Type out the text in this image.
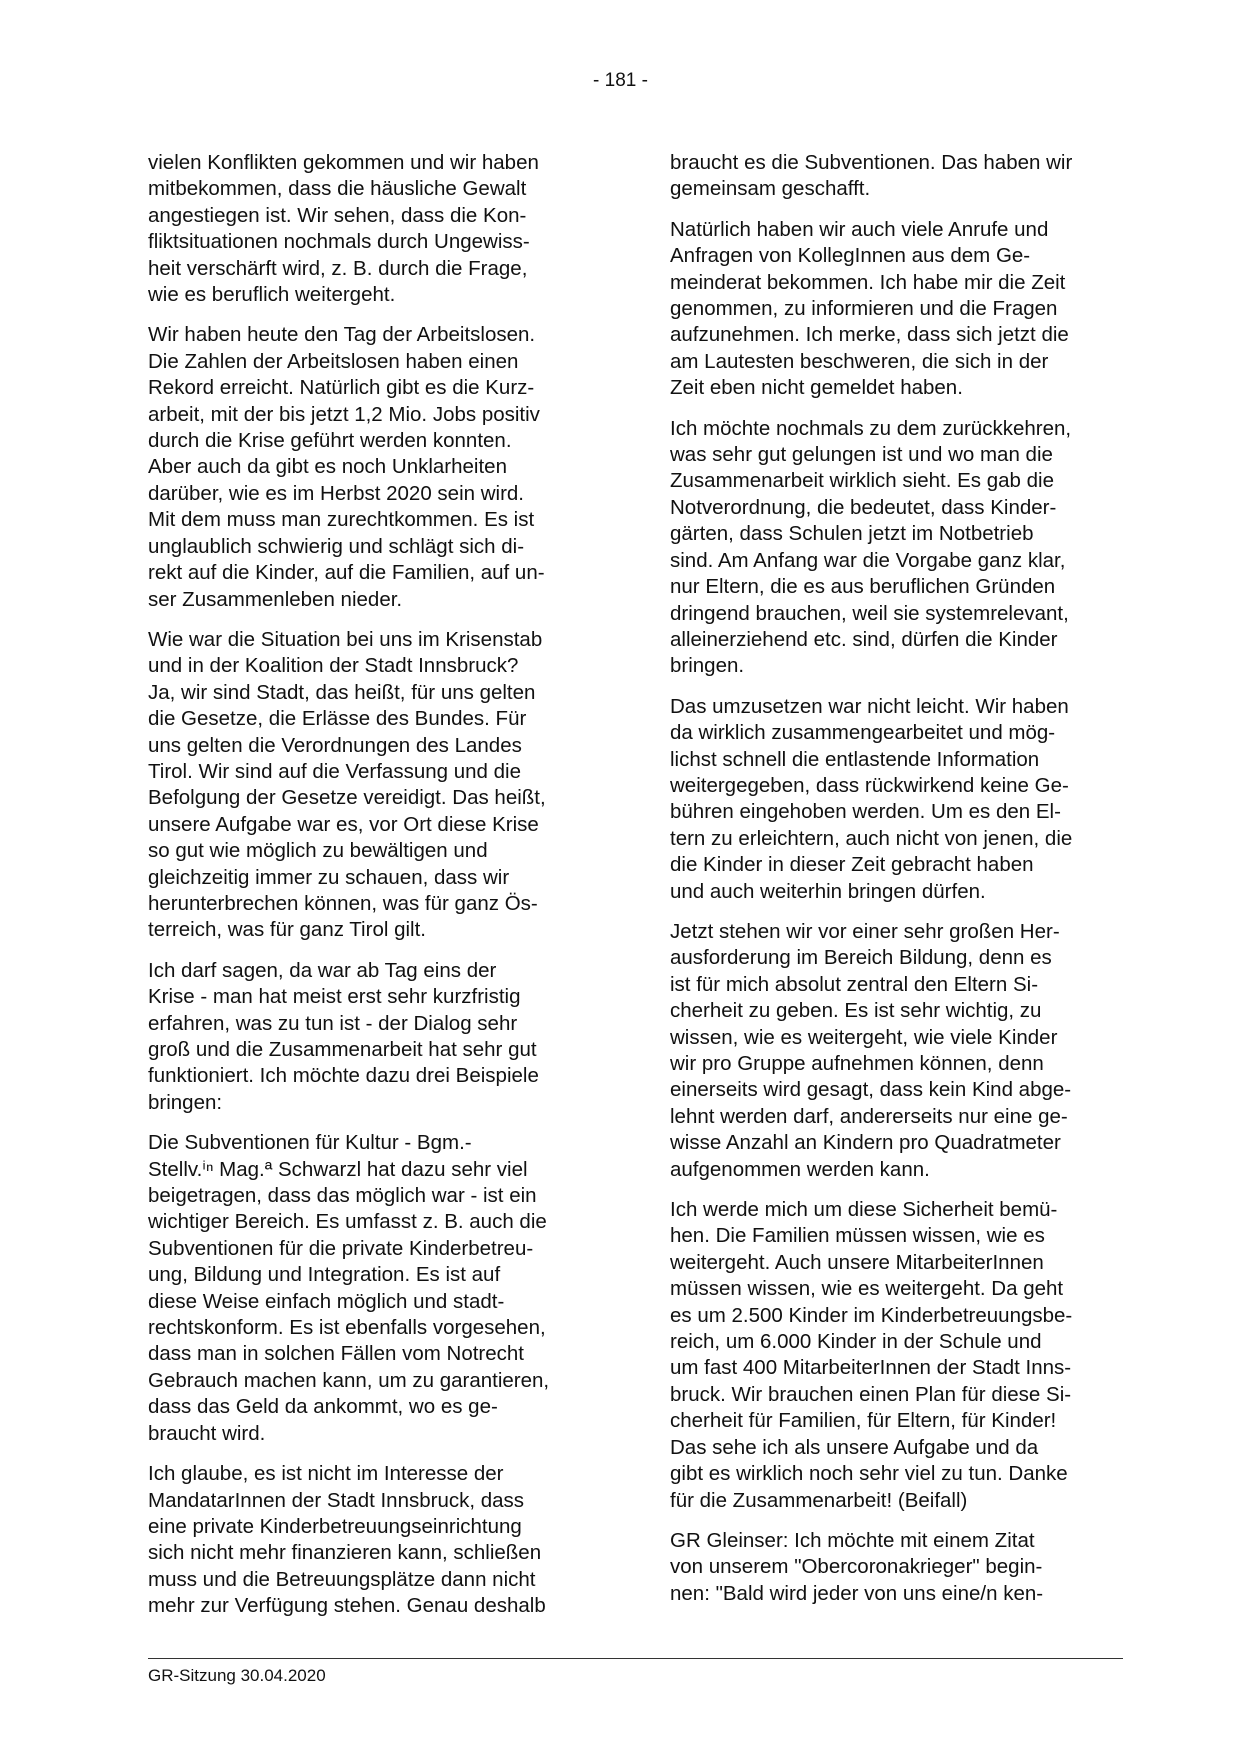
- 181 -

vielen Konflikten gekommen und wir haben
mitbekommen, dass die häusliche Gewalt
angestiegen ist. Wir sehen, dass die Kon-
fliktsituationen nochmals durch Ungewiss-
heit verschärft wird, z. B. durch die Frage,
wie es beruflich weitergeht.

Wir haben heute den Tag der Arbeitslosen.
Die Zahlen der Arbeitslosen haben einen
Rekord erreicht. Natürlich gibt es die Kurz-
arbeit, mit der bis jetzt 1,2 Mio. Jobs positiv
durch die Krise geführt werden konnten.
Aber auch da gibt es noch Unklarheiten
darüber, wie es im Herbst 2020 sein wird.
Mit dem muss man zurechtkommen. Es ist
unglaublich schwierig und schlägt sich di-
rekt auf die Kinder, auf die Familien, auf un-
ser Zusammenleben nieder.

Wie war die Situation bei uns im Krisenstab
und in der Koalition der Stadt Innsbruck?
Ja, wir sind Stadt, das heißt, für uns gelten
die Gesetze, die Erlässe des Bundes. Für
uns gelten die Verordnungen des Landes
Tirol. Wir sind auf die Verfassung und die
Befolgung der Gesetze vereidigt. Das heißt,
unsere Aufgabe war es, vor Ort diese Krise
so gut wie möglich zu bewältigen und
gleichzeitig immer zu schauen, dass wir
herunterbrechen können, was für ganz Ös-
terreich, was für ganz Tirol gilt.

Ich darf sagen, da war ab Tag eins der
Krise - man hat meist erst sehr kurzfristig
erfahren, was zu tun ist - der Dialog sehr
groß und die Zusammenarbeit hat sehr gut
funktioniert. Ich möchte dazu drei Beispiele
bringen:

Die Subventionen für Kultur - Bgm.-
Stellv.ⁱⁿ Mag.ª Schwarzl hat dazu sehr viel
beigetragen, dass das möglich war - ist ein
wichtiger Bereich. Es umfasst z. B. auch die
Subventionen für die private Kinderbetreu-
ung, Bildung und Integration. Es ist auf
diese Weise einfach möglich und stadt-
rechtskonform. Es ist ebenfalls vorgesehen,
dass man in solchen Fällen vom Notrecht
Gebrauch machen kann, um zu garantieren,
dass das Geld da ankommt, wo es ge-
braucht wird.

Ich glaube, es ist nicht im Interesse der
MandatarInnen der Stadt Innsbruck, dass
eine private Kinderbetreuungseinrichtung
sich nicht mehr finanzieren kann, schließen
muss und die Betreuungsplätze dann nicht
mehr zur Verfügung stehen. Genau deshalb

braucht es die Subventionen. Das haben wir
gemeinsam geschafft.

Natürlich haben wir auch viele Anrufe und
Anfragen von KollegInnen aus dem Ge-
meinderat bekommen. Ich habe mir die Zeit
genommen, zu informieren und die Fragen
aufzunehmen. Ich merke, dass sich jetzt die
am Lautesten beschweren, die sich in der
Zeit eben nicht gemeldet haben.

Ich möchte nochmals zu dem zurückkehren,
was sehr gut gelungen ist und wo man die
Zusammenarbeit wirklich sieht. Es gab die
Notverordnung, die bedeutet, dass Kinder-
gärten, dass Schulen jetzt im Notbetrieb
sind. Am Anfang war die Vorgabe ganz klar,
nur Eltern, die es aus beruflichen Gründen
dringend brauchen, weil sie systemrelevant,
alleinerziehend etc. sind, dürfen die Kinder
bringen.

Das umzusetzen war nicht leicht. Wir haben
da wirklich zusammengearbeitet und mög-
lichst schnell die entlastende Information
weitergegeben, dass rückwirkend keine Ge-
bühren eingehoben werden. Um es den El-
tern zu erleichtern, auch nicht von jenen, die
die Kinder in dieser Zeit gebracht haben
und auch weiterhin bringen dürfen.

Jetzt stehen wir vor einer sehr großen Her-
ausforderung im Bereich Bildung, denn es
ist für mich absolut zentral den Eltern Si-
cherheit zu geben. Es ist sehr wichtig, zu
wissen, wie es weitergeht, wie viele Kinder
wir pro Gruppe aufnehmen können, denn
einerseits wird gesagt, dass kein Kind abge-
lehnt werden darf, andererseits nur eine ge-
wisse Anzahl an Kindern pro Quadratmeter
aufgenommen werden kann.

Ich werde mich um diese Sicherheit bemü-
hen. Die Familien müssen wissen, wie es
weitergeht. Auch unsere MitarbeiterInnen
müssen wissen, wie es weitergeht. Da geht
es um 2.500 Kinder im Kinderbetreuungsbe-
reich, um 6.000 Kinder in der Schule und
um fast 400 MitarbeiterInnen der Stadt Inns-
bruck. Wir brauchen einen Plan für diese Si-
cherheit für Familien, für Eltern, für Kinder!
Das sehe ich als unsere Aufgabe und da
gibt es wirklich noch sehr viel zu tun. Danke
für die Zusammenarbeit! (Beifall)

GR Gleinser: Ich möchte mit einem Zitat
von unserem "Obercoronakrieger" begin-
nen: "Bald wird jeder von uns eine/n ken-

GR-Sitzung 30.04.2020
